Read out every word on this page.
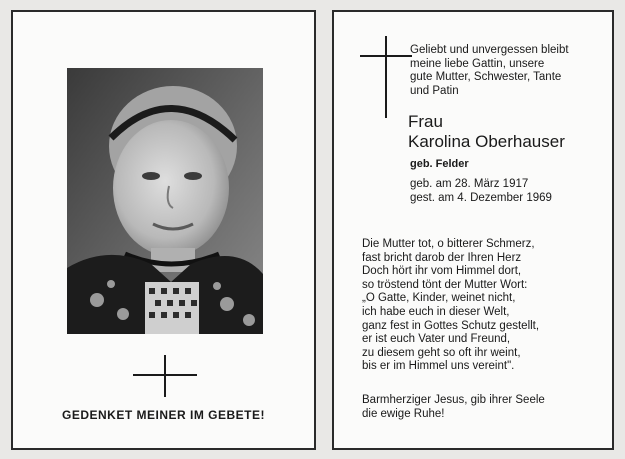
GEDENKET MEINER IM GEBETE!
Geliebt und unvergessen bleibt
meine liebe Gattin, unsere
gute Mutter, Schwester, Tante
und Patin
Frau
Karolina Oberhauser
geb. Felder
geb. am 28. März 1917
gest. am 4. Dezember 1969
Die Mutter tot, o bitterer Schmerz,
fast bricht darob der Ihren Herz
Doch hört ihr vom Himmel dort,
so tröstend tönt der Mutter Wort:
„O Gatte, Kinder, weinet nicht,
ich habe euch in dieser Welt,
ganz fest in Gottes Schutz gestellt,
er ist euch Vater und Freund,
zu diesem geht so oft ihr weint,
bis er im Himmel uns vereint".
Barmherziger Jesus, gib ihrer Seele
die ewige Ruhe!
